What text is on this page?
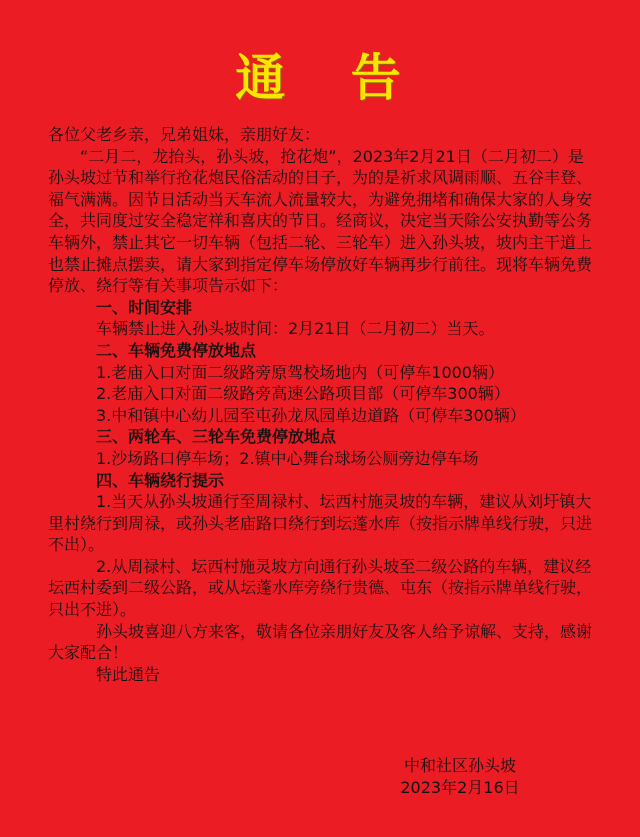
通 告

各位父老乡亲，兄弟姐妹，亲朋好友：

“二月二，龙抬头，孙头坡，抢花炮”，2023年2月21日（二月初二）是孙头坡过节和举行抢花炮民俗活动的日子，为的是祈求风调雨顺、五谷丰登、福气满满。因节日活动当天车流人流量较大，为避免拥堵和确保大家的人身安全，共同度过安全稳定祥和喜庆的节日。经商议，决定当天除公安执勤等公务车辆外，禁止其它一切车辆（包括二轮、三轮车）进入孙头坡，坡内主干道上也禁止摊点摆卖，请大家到指定停车场停放好车辆再步行前往。现将车辆免费停放、绕行等有关事项告示如下：

一、时间安排

车辆禁止进入孙头坡时间：2月21日（二月初二）当天。

二、车辆免费停放地点

1.老庙入口对面二级路旁原驾校场地内（可停车1000辆）

2.老庙入口对面二级路旁高速公路项目部（可停车300辆）

3.中和镇中心幼儿园至屯孙龙凤园单边道路（可停车300辆）

三、两轮车、三轮车免费停放地点

1.沙场路口停车场；2.镇中心舞台球场公厕旁边停车场

四、车辆绕行提示

1.当天从孙头坡通行至周禄村、坛西村施灵坡的车辆，建议从刘圩镇大里村绕行到周禄，或孙头老庙路口绕行到坛蓬水库（按指示牌单线行驶，只进不出）。

2.从周禄村、坛西村施灵坡方向通行孙头坡至二级公路的车辆，建议经坛西村委到二级公路，或从坛蓬水库旁绕行贵德、屯东（按指示牌单线行驶，只出不进）。

孙头坡喜迎八方来客，敬请各位亲朋好友及客人给予谅解、支持，感谢大家配合！

特此通告

中和社区孙头坡

2023年2月16日
